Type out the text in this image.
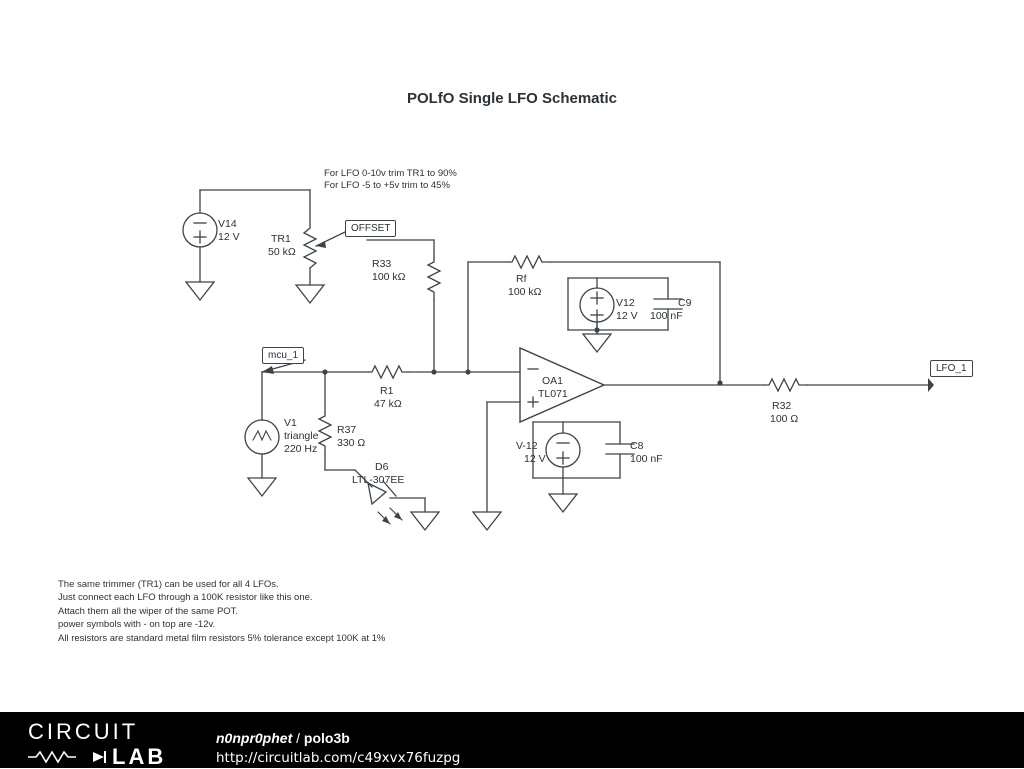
POLfO Single LFO Schematic
For LFO 0-10v trim TR1 to 90%
For LFO -5 to +5v trim to 45%
OFFSET
mcu_1
LFO_1
V14
12 V	TR1
50 kΩ
R33
100 kΩ	Rf
100 kΩ
V12
12 V
C9
100 nF
R1
47 kΩ
OA1
TL071
R32
100 Ω
V1
triangle
220 Hz
R37
330 Ω
D6
LTL-307EE
V-12
12 V
C8
100 nF
The same trimmer (TR1) can be used for all 4 LFOs.
Just connect each LFO through a 100K resistor like this one.
Attach them all the wiper of the same POT.
power symbols with - on top are -12v.
All resistors are standard metal film resistors 5% tolerance except 100K at 1%
CIRCUIT
LAB
n0npr0phet / polo3b
http://circuitlab.com/c49xvx76fuzpg
